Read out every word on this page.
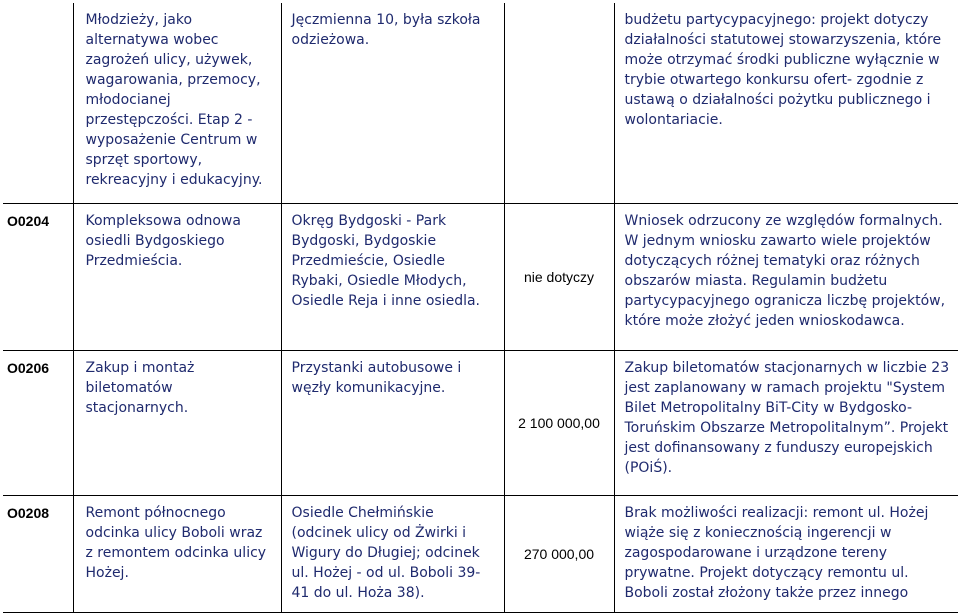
	Młodzieży, jako alternatywa wobec zagrożeń ulicy, używek, wagarowania, przemocy, młodocianej przestępczości. Etap 2 - wyposażenie Centrum w sprzęt sportowy, rekreacyjny i edukacyjny.	Jęczmienna 10, była szkoła odzieżowa.		budżetu partycypacyjnego: projekt dotyczy działalności statutowej stowarzyszenia, które może otrzymać środki publiczne wyłącznie w trybie otwartego konkursu ofert- zgodnie z ustawą o działalności pożytku publicznego i wolontariacie.
O0204	Kompleksowa odnowa osiedli Bydgoskiego Przedmieścia.	Okręg Bydgoski - Park Bydgoski, Bydgoskie Przedmieście, Osiedle Rybaki, Osiedle Młodych, Osiedle Reja i inne osiedla.	nie dotyczy	Wniosek odrzucony ze względów formalnych. W jednym wniosku zawarto wiele projektów dotyczących różnej tematyki oraz różnych obszarów miasta. Regulamin budżetu partycypacyjnego ogranicza liczbę projektów, które może złożyć jeden wnioskodawca.
O0206	Zakup i montaż biletomatów stacjonarnych.	Przystanki autobusowe i węzły komunikacyjne.	2 100 000,00	Zakup biletomatów stacjonarnych w liczbie 23 jest zaplanowany w ramach projektu "System Bilet Metropolitalny BiT-City w Bydgosko-Toruńskim Obszarze Metropolitalnym”. Projekt jest dofinansowany z funduszy europejskich (POiŚ).
O0208	Remont północnego odcinka ulicy Boboli wraz z remontem odcinka ulicy Hożej.	Osiedle Chełmińskie (odcinek ulicy od Żwirki i Wigury do Długiej; odcinek ul. Hożej - od ul. Boboli 39-41 do ul. Hoża 38).	270 000,00	Brak możliwości realizacji: remont ul. Hożej wiąże się z koniecznością ingerencji w zagospodarowane i urządzone tereny prywatne. Projekt dotyczący remontu ul. Boboli został złożony także przez innego
